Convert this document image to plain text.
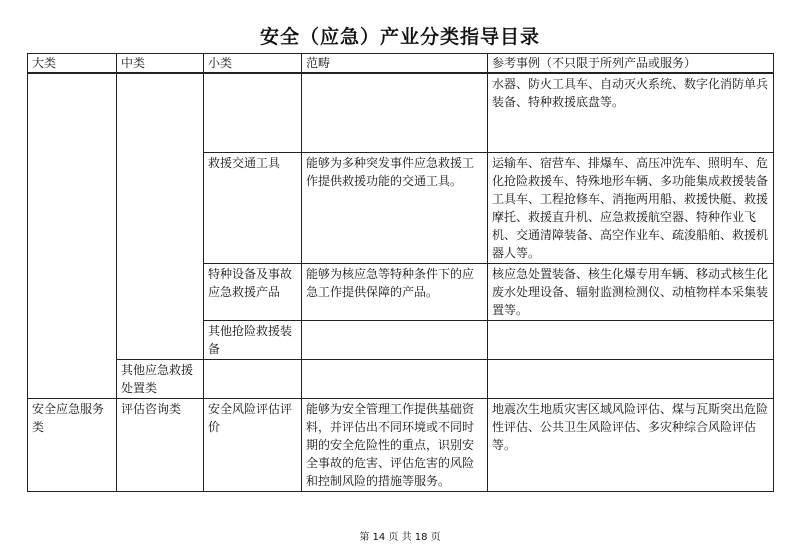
安全（应急）产业分类指导目录
大类	中类	小类	范畴	参考事例（不只限于所列产品或服务）
				水器、防火工具车、自动灭火系统、数字化消防单兵装备、特种救援底盘等。
		救援交通工具	能够为多种突发事件应急救援工作提供救援功能的交通工具。	运输车、宿营车、排爆车、高压冲洗车、照明车、危化抢险救援车、特殊地形车辆、多功能集成救援装备工具车、工程抢修车、消拖两用船、救援快艇、救援摩托、救援直升机、应急救援航空器、特种作业飞机、交通清障装备、高空作业车、疏浚船舶、救援机器人等。
		特种设备及事故应急救援产品	能够为核应急等特种条件下的应急工作提供保障的产品。	核应急处置装备、核生化爆专用车辆、移动式核生化废水处理设备、辐射监测检测仪、动植物样本采集装置等。
		其他抢险救援装备		
	其他应急救援处置类			
安全应急服务类	评估咨询类	安全风险评估评价	能够为安全管理工作提供基础资料，并评估出不同环境或不同时期的安全危险性的重点，识别安全事故的危害、评估危害的风险和控制风险的措施等服务。	地震次生地质灾害区域风险评估、煤与瓦斯突出危险性评估、公共卫生风险评估、多灾种综合风险评估等。
第 14 页 共 18 页
